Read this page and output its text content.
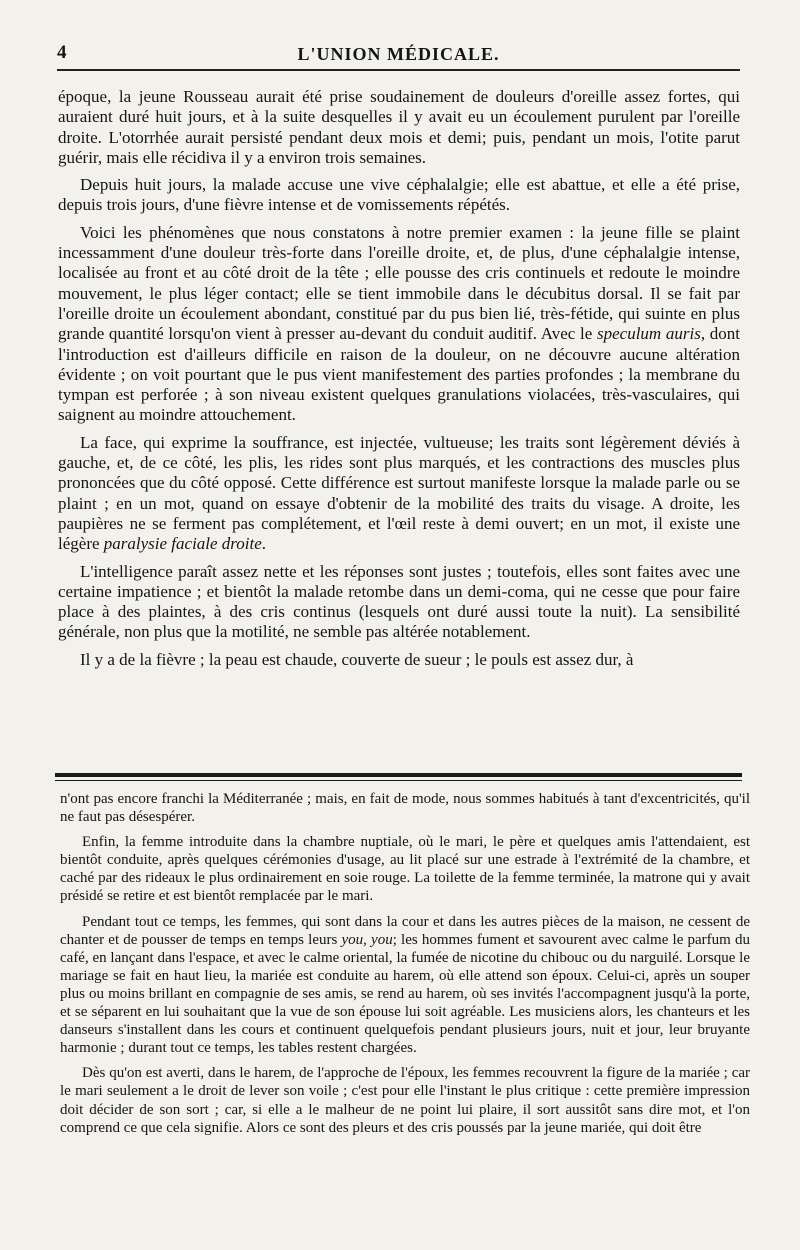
4	L'UNION MÉDICALE.

époque, la jeune Rousseau aurait été prise soudainement de douleurs d'oreille assez fortes, qui auraient duré huit jours, et à la suite desquelles il y avait eu un écoulement purulent par l'oreille droite. L'otorrhée aurait persisté pendant deux mois et demi; puis, pendant un mois, l'otite parut guérir, mais elle récidiva il y a environ trois semaines.

Depuis huit jours, la malade accuse une vive céphalalgie; elle est abattue, et elle a été prise, depuis trois jours, d'une fièvre intense et de vomissements répétés.

Voici les phénomènes que nous constatons à notre premier examen : la jeune fille se plaint incessamment d'une douleur très-forte dans l'oreille droite, et, de plus, d'une céphalalgie intense, localisée au front et au côté droit de la tête ; elle pousse des cris continuels et redoute le moindre mouvement, le plus léger contact; elle se tient immobile dans le décubitus dorsal. Il se fait par l'oreille droite un écoulement abondant, constitué par du pus bien lié, très-fétide, qui suinte en plus grande quantité lorsqu'on vient à presser au-devant du conduit auditif. Avec le speculum auris, dont l'introduction est d'ailleurs difficile en raison de la douleur, on ne découvre aucune altération évidente ; on voit pourtant que le pus vient manifestement des parties profondes ; la membrane du tympan est perforée ; à son niveau existent quelques granulations violacées, très-vasculaires, qui saignent au moindre attouchement.

La face, qui exprime la souffrance, est injectée, vultueuse; les traits sont légèrement déviés à gauche, et, de ce côté, les plis, les rides sont plus marqués, et les contractions des muscles plus prononcées que du côté opposé. Cette différence est surtout manifeste lorsque la malade parle ou se plaint ; en un mot, quand on essaye d'obtenir de la mobilité des traits du visage. A droite, les paupières ne se ferment pas complétement, et l'œil reste à demi ouvert; en un mot, il existe une légère paralysie faciale droite.

L'intelligence paraît assez nette et les réponses sont justes ; toutefois, elles sont faites avec une certaine impatience ; et bientôt la malade retombe dans un demi-coma, qui ne cesse que pour faire place à des plaintes, à des cris continus (lesquels ont duré aussi toute la nuit). La sensibilité générale, non plus que la motilité, ne semble pas altérée notablement.

Il y a de la fièvre ; la peau est chaude, couverte de sueur ; le pouls est assez dur, à

n'ont pas encore franchi la Méditerranée ; mais, en fait de mode, nous sommes habitués à tant d'excentricités, qu'il ne faut pas désespérer.

Enfin, la femme introduite dans la chambre nuptiale, où le mari, le père et quelques amis l'attendaient, est bientôt conduite, après quelques cérémonies d'usage, au lit placé sur une estrade à l'extrémité de la chambre, et caché par des rideaux le plus ordinairement en soie rouge. La toilette de la femme terminée, la matrone qui y avait présidé se retire et est bientôt remplacée par le mari.

Pendant tout ce temps, les femmes, qui sont dans la cour et dans les autres pièces de la maison, ne cessent de chanter et de pousser de temps en temps leurs you, you; les hommes fument et savourent avec calme le parfum du café, en lançant dans l'espace, et avec le calme oriental, la fumée de nicotine du chibouc ou du narguilé. Lorsque le mariage se fait en haut lieu, la mariée est conduite au harem, où elle attend son époux. Celui-ci, après un souper plus ou moins brillant en compagnie de ses amis, se rend au harem, où ses invités l'accompagnent jusqu'à la porte, et se séparent en lui souhaitant que la vue de son épouse lui soit agréable. Les musiciens alors, les chanteurs et les danseurs s'installent dans les cours et continuent quelquefois pendant plusieurs jours, nuit et jour, leur bruyante harmonie ; durant tout ce temps, les tables restent chargées.

Dès qu'on est averti, dans le harem, de l'approche de l'époux, les femmes recouvrent la figure de la mariée ; car le mari seulement a le droit de lever son voile ; c'est pour elle l'instant le plus critique : cette première impression doit décider de son sort ; car, si elle a le malheur de ne point lui plaire, il sort aussitôt sans dire mot, et l'on comprend ce que cela signifie. Alors ce sont des pleurs et des cris poussés par la jeune mariée, qui doit être
